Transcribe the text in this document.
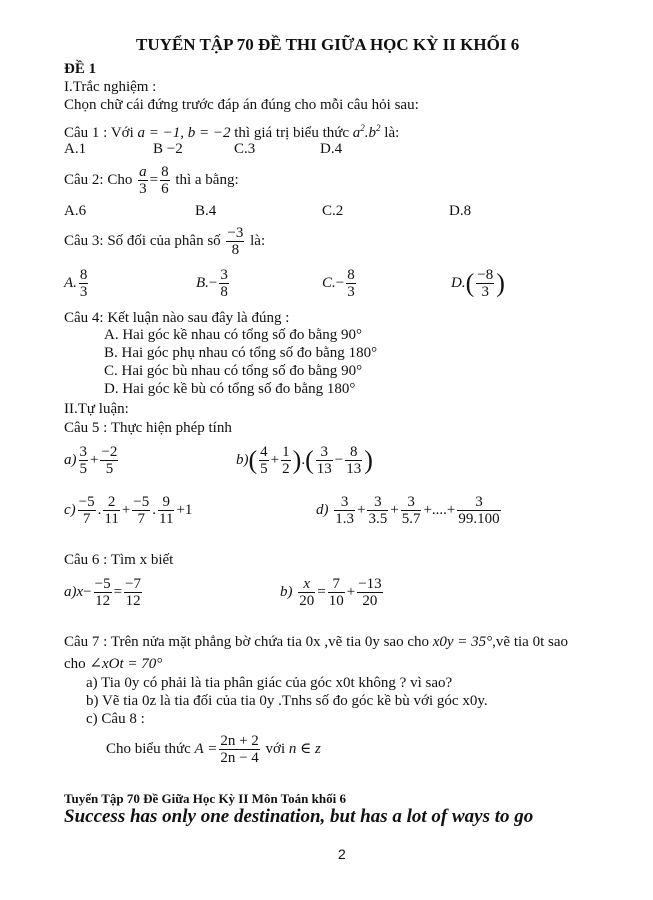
TUYỂN TẬP 70 ĐỀ THI GIỮA HỌC KỲ II KHỐI 6
ĐỀ 1
I.Trắc nghiệm :
Chọn chữ cái đứng trước đáp án đúng cho mỗi câu hỏi sau:
Câu 1 : Với a = −1, b = −2 thì giá trị biểu thức $a^2.b^2$ là:
A.1	B −2	C.3	D.4
Câu 2: Cho $\frac{a}{3} = \frac{8}{6}$ thì a bằng:
A.6	B.4	C.2	D.8
Câu 3: Số đối của phân số $\frac{-3}{8}$ là:
A. $\frac{8}{3}$	$B.- \frac{3}{8}$	$C.- \frac{8}{3}$	$D.( \frac{-8}{3}$ )
Câu 4: Kết luận nào sau đây là đúng :
A. Hai góc kề nhau có tổng số đo bằng 90°
B. Hai góc phụ nhau có tổng số đo bằng 180°
C. Hai góc bù nhau có tổng số đo bằng 90°
D. Hai góc kề bù có tổng số đo bằng 180°
II.Tự luận:
Câu 5 : Thực hiện phép tính
$a) \frac{3}{5} + \frac{-2}{5}$	$b)( \frac{4}{5} + \frac{1}{2}$ ).( $\frac{3}{13} - \frac{8}{13}$ )
$c) \frac{-5}{7}$ . $\frac{2}{11} + \frac{-5}{7}$ . $\frac{9}{11} +1$	$d) \frac{3}{1.3} + \frac{3}{3.5} + \frac{3}{5.7}$ +....+ $\frac{3}{99.100}$
Câu 6 : Tìm x biết
$a)x- \frac{-5}{12} = \frac{-7}{12}$	$b) \frac{x}{20} = \frac{7}{10} + \frac{-13}{20}$
Câu 7 : Trên nửa mặt phẳng bờ chứa tia 0x ,vẽ tia 0y sao cho x0y = 35°,vẽ tia 0t sao
cho ∠xOt = 70°
a) Tia 0y có phải là tia phân giác của góc x0t không ? vì sao?
b) Vẽ tia 0z là tia đối của tia 0y .Tnhs số đo góc kề bù với góc x0y.
c) Câu 8 :
Cho biểu thức $A = \frac{2n + 2}{2n - 4}$ với n ∈ z
Tuyển Tập 70 Đề Giữa Học Kỳ II Môn Toán khối 6
Success has only one destination, but has a lot of ways to go
2
